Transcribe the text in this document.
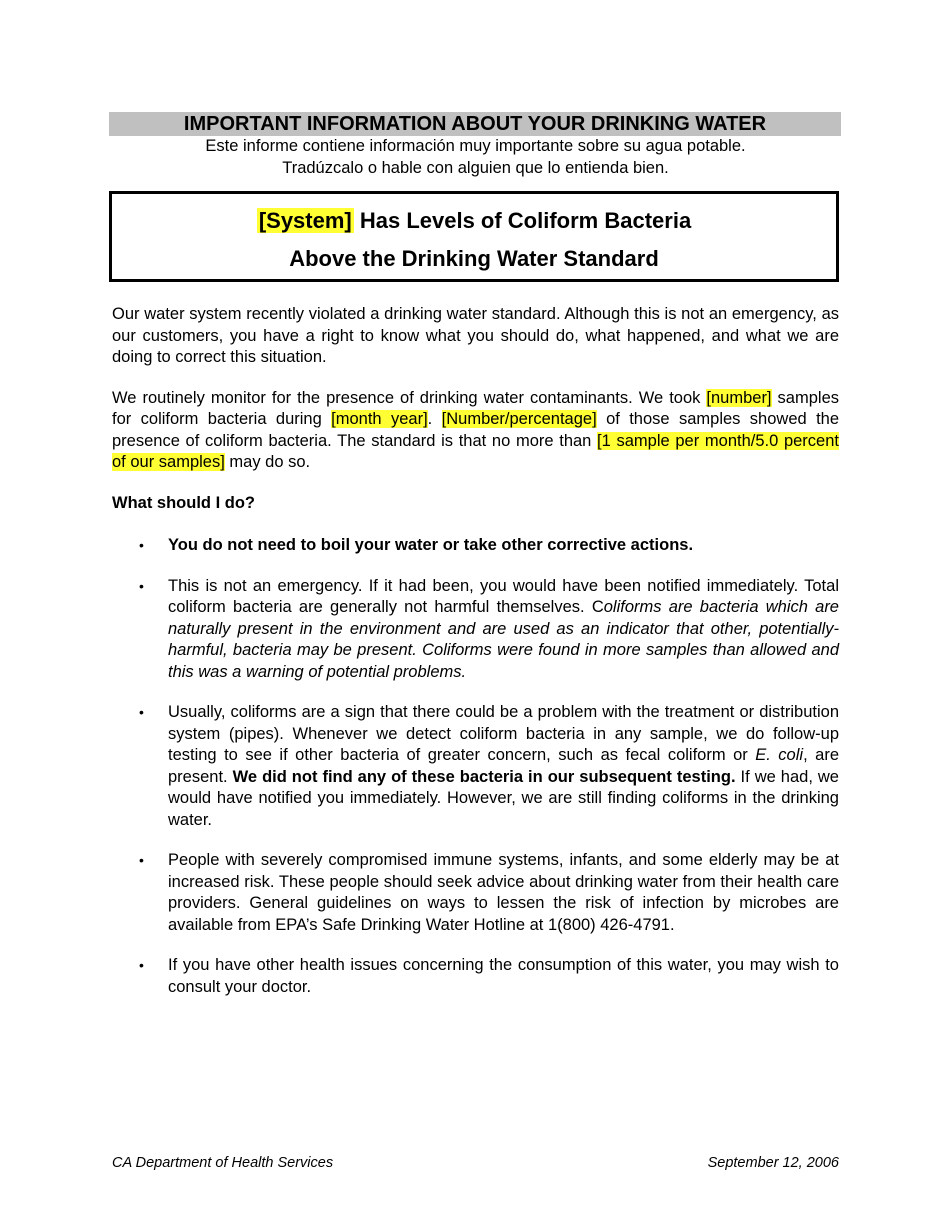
IMPORTANT INFORMATION ABOUT YOUR DRINKING WATER
Este informe contiene información muy importante sobre su agua potable.
Tradúzcalo o hable con alguien que lo entienda bien.
[System] Has Levels of Coliform Bacteria
Above the Drinking Water Standard

Our water system recently violated a drinking water standard. Although this is not an emergency, as our customers, you have a right to know what you should do, what happened, and what we are doing to correct this situation.

We routinely monitor for the presence of drinking water contaminants. We took [number] samples for coliform bacteria during [month year]. [Number/percentage] of those samples showed the presence of coliform bacteria. The standard is that no more than [1 sample per month/5.0 percent of our samples] may do so.

What should I do?

• You do not need to boil your water or take other corrective actions.
• This is not an emergency. If it had been, you would have been notified immediately. Total coliform bacteria are generally not harmful themselves. Coliforms are bacteria which are naturally present in the environment and are used as an indicator that other, potentially-harmful, bacteria may be present. Coliforms were found in more samples than allowed and this was a warning of potential problems.
• Usually, coliforms are a sign that there could be a problem with the treatment or distribution system (pipes). Whenever we detect coliform bacteria in any sample, we do follow-up testing to see if other bacteria of greater concern, such as fecal coliform or E. coli, are present. We did not find any of these bacteria in our subsequent testing. If we had, we would have notified you immediately. However, we are still finding coliforms in the drinking water.
• People with severely compromised immune systems, infants, and some elderly may be at increased risk. These people should seek advice about drinking water from their health care providers. General guidelines on ways to lessen the risk of infection by microbes are available from EPA’s Safe Drinking Water Hotline at 1(800) 426-4791.
• If you have other health issues concerning the consumption of this water, you may wish to consult your doctor.
CA Department of Health Services	September 12, 2006
